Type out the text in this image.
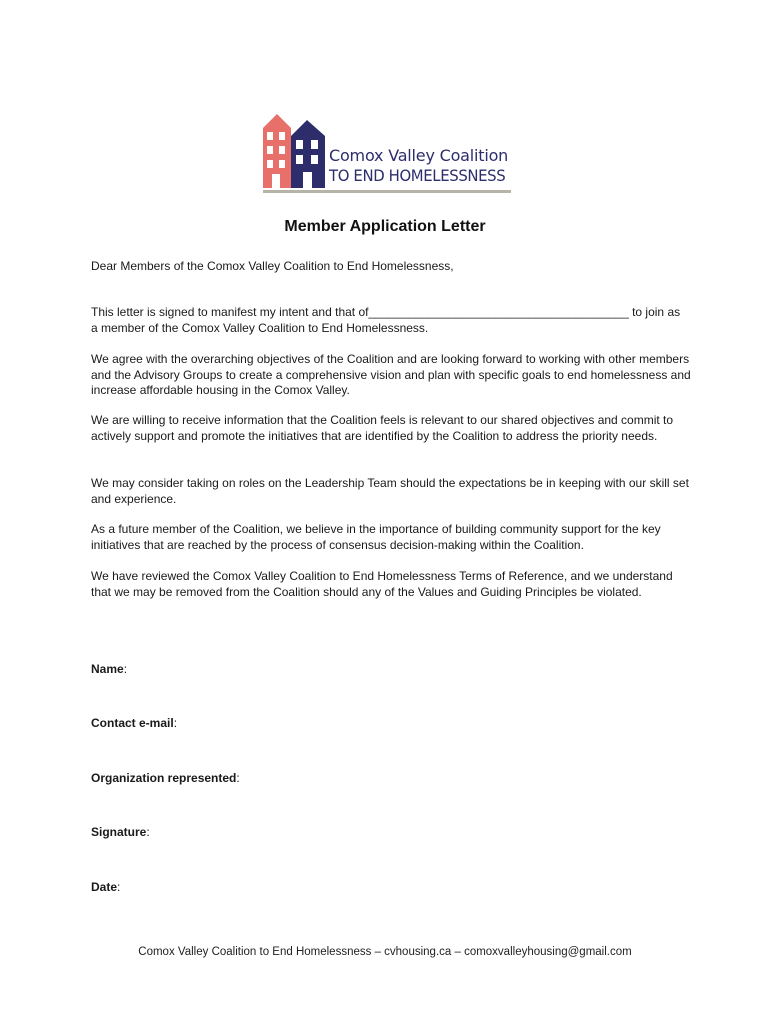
Comox Valley Coalition
TO END HOMELESSNESS
Member Application Letter

Dear Members of the Comox Valley Coalition to End Homelessness,

This letter is signed to manifest my intent and that of_______________________________________ to join as a member of the Comox Valley Coalition to End Homelessness.

We agree with the overarching objectives of the Coalition and are looking forward to working with other members and the Advisory Groups to create a comprehensive vision and plan with specific goals to end homelessness and increase affordable housing in the Comox Valley.

We are willing to receive information that the Coalition feels is relevant to our shared objectives and commit to actively support and promote the initiatives that are identified by the Coalition to address the priority needs.

We may consider taking on roles on the Leadership Team should the expectations be in keeping with our skill set and experience.

As a future member of the Coalition, we believe in the importance of building community support for the key initiatives that are reached by the process of consensus decision-making within the Coalition.

We have reviewed the Comox Valley Coalition to End Homelessness Terms of Reference, and we understand that we may be removed from the Coalition should any of the Values and Guiding Principles be violated.

Name:
Contact e-mail:
Organization represented:
Signature:
Date:
Comox Valley Coalition to End Homelessness – cvhousing.ca – comoxvalleyhousing@gmail.com
